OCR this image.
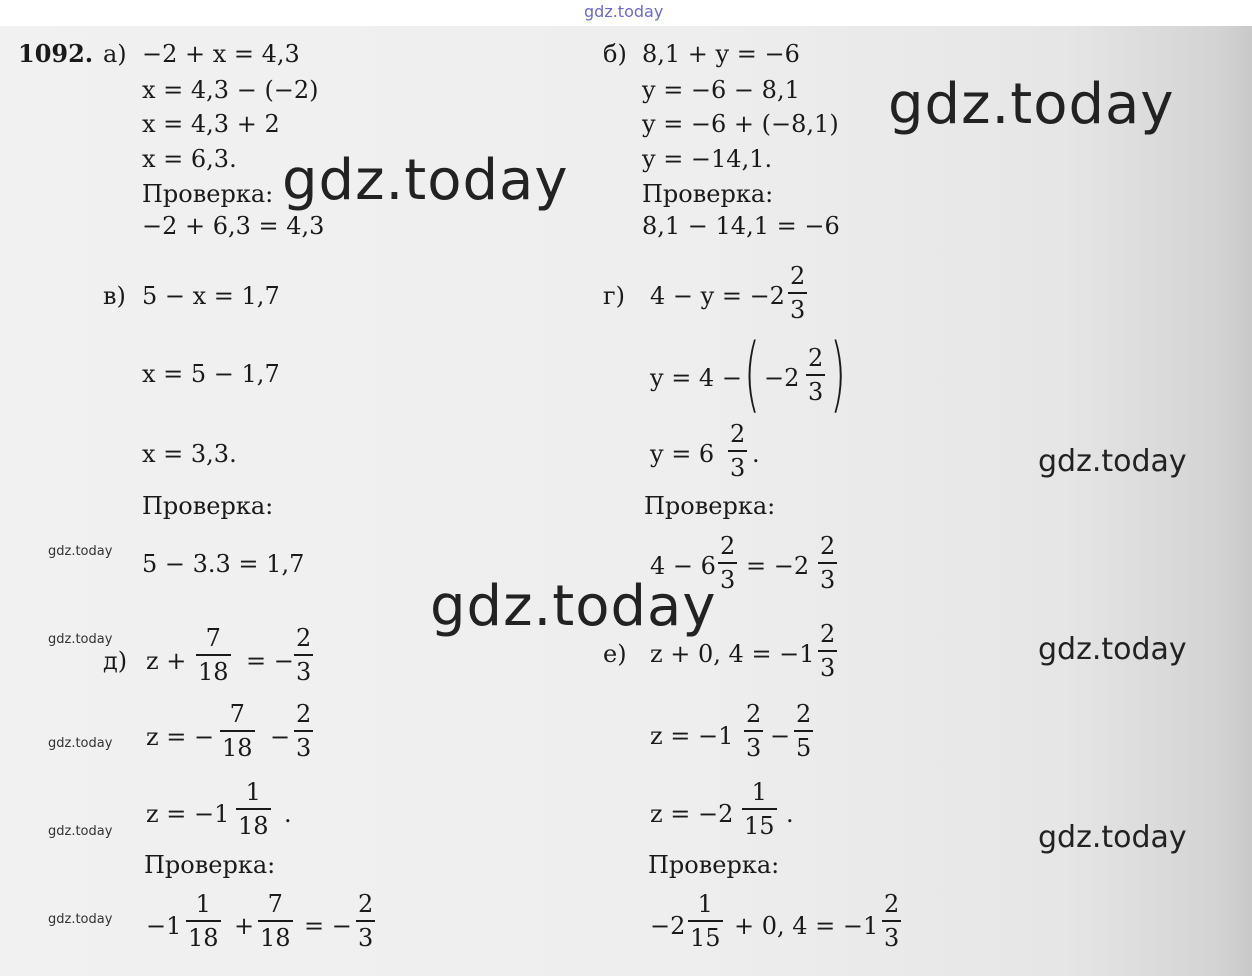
gdz.today
1092. а) −2 + x = 4,3
x = 4,3 − (−2)
x = 4,3 + 2
x = 6,3.
Проверка:
−2 + 6,3 = 4,3
б) 8,1 + y = −6
y = −6 − 8,1
y = −6 + (−8,1)
y = −14,1.
Проверка:
8,1 − 14,1 = −6
в) 5 − x = 1,7
x = 5 − 1,7
x = 3,3.
Проверка:
5 − 3.3 = 1,7
г) 4 − y = −2
2
3
y = 4 − ( −2
2
3 )
y = 6
2
3 .
Проверка:
4 − 6
2
3 = −2
2
3
д) z +
7
18 = −
2
3
z = −
7
18 −
2
3
z = −1
1
18 .
Проверка:
−1
1
18 +
7
18 = −
2
3
е) z + 0, 4 = −1
2
3
z = −1
2
3 −
2
5
z = −2
1
15 .
Проверка:
−2
1
15 + 0, 4 = −1
2
3
gdz.today
gdz.today
gdz.today
gdz.today
gdz.today
gdz.today
gdz.today
gdz.today
gdz.today
gdz.today
gdz.today
